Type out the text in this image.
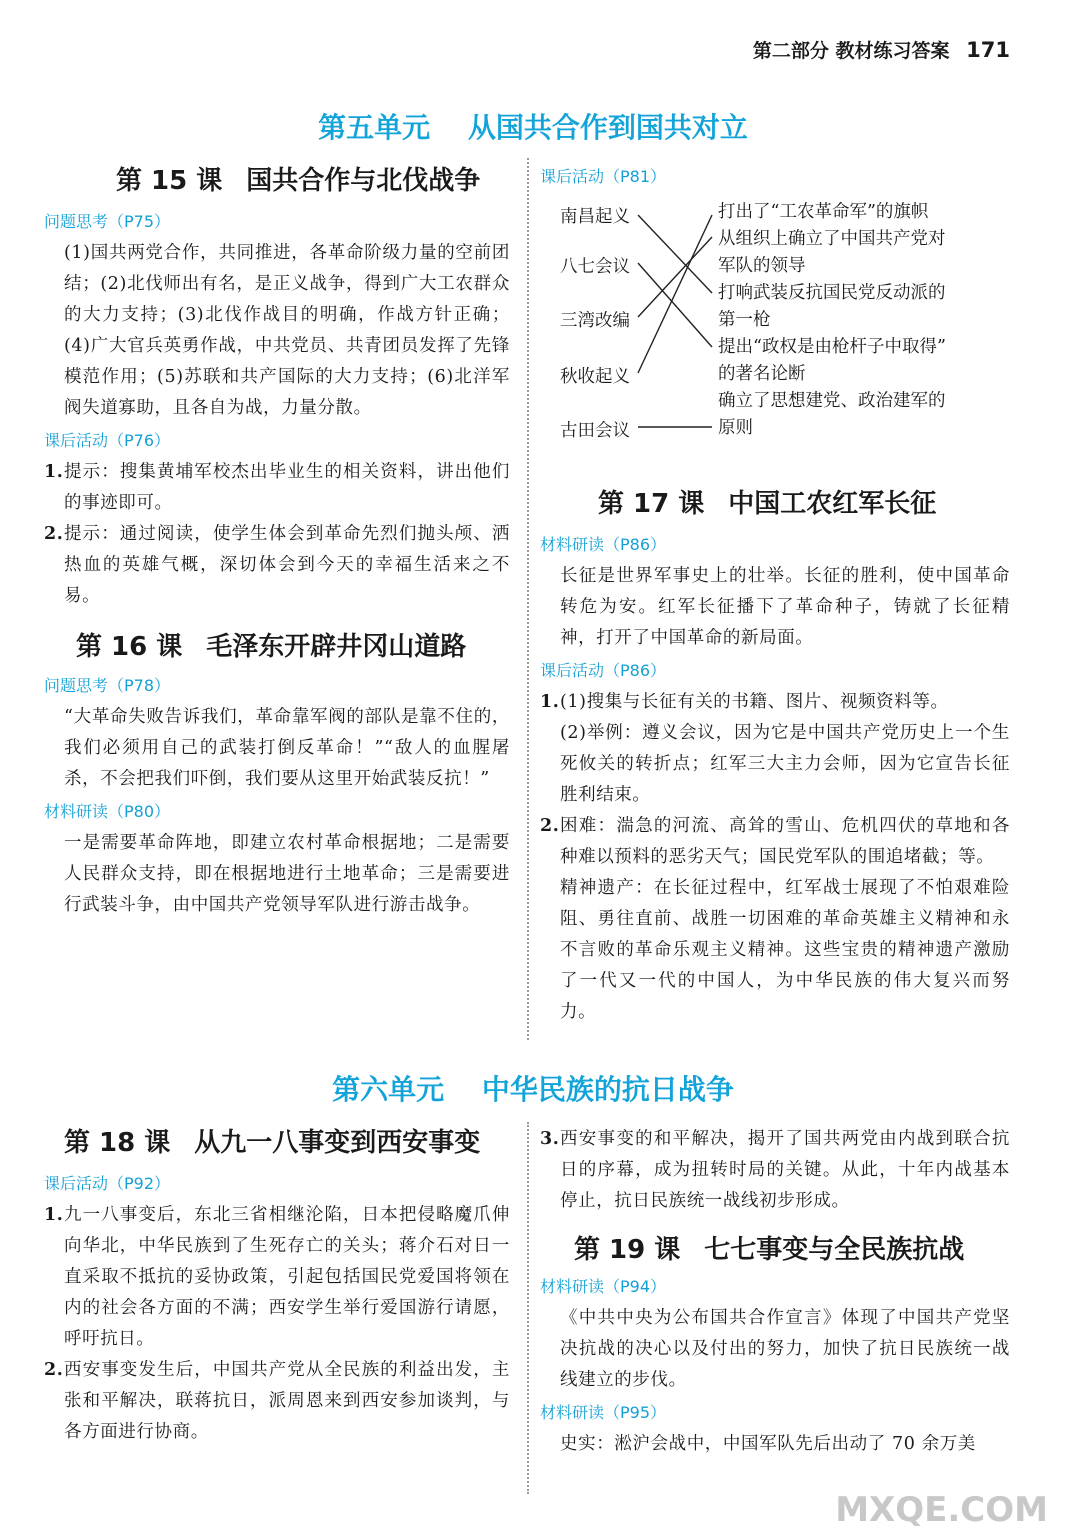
第二部分 教材练习答案 171
第五单元 从国共合作到国共对立
第 15 课 国共合作与北伐战争
问题思考（P75）

(1)国共两党合作，共同推进，各革命阶级力量的空前团结；(2)北伐师出有名，是正义战争，得到广大工农群众的大力支持；(3)北伐作战目的明确，作战方针正确；(4)广大官兵英勇作战，中共党员、共青团员发挥了先锋模范作用；(5)苏联和共产国际的大力支持；(6)北洋军阀失道寡助，且各自为战，力量分散。

课后活动（P76）
1. 提示：搜集黄埔军校杰出毕业生的相关资料，讲出他们的事迹即可。
2. 提示：通过阅读，使学生体会到革命先烈们抛头颅、洒热血的英雄气概，深切体会到今天的幸福生活来之不易。
第 16 课 毛泽东开辟井冈山道路
问题思考（P78）

“大革命失败告诉我们，革命靠军阀的部队是靠不住的，我们必须用自己的武装打倒反革命！”“敌人的血腥屠杀，不会把我们吓倒，我们要从这里开始武装反抗！”

材料研读（P80）

一是需要革命阵地，即建立农村革命根据地；二是需要人民群众支持，即在根据地进行土地革命；三是需要进行武装斗争，由中国共产党领导军队进行游击战争。

课后活动（P81）
南昌起义
八七会议
三湾改编
秋收起义
古田会议
打出了“工农革命军”的旗帜
从组织上确立了中国共产党对
军队的领导
打响武装反抗国民党反动派的
第一枪
提出“政权是由枪杆子中取得”
的著名论断
确立了思想建党、政治建军的
原则
第 17 课 中国工农红军长征
材料研读（P86）

长征是世界军事史上的壮举。长征的胜利，使中国革命转危为安。红军长征播下了革命种子，铸就了长征精神，打开了中国革命的新局面。

课后活动（P86）
1. (1)搜集与长征有关的书籍、图片、视频资料等。

(2)举例：遵义会议，因为它是中国共产党历史上一个生死攸关的转折点；红军三大主力会师，因为它宣告长征胜利结束。

2. 困难：湍急的河流、高耸的雪山、危机四伏的草地和各种难以预料的恶劣天气；国民党军队的围追堵截；等。

精神遗产：在长征过程中，红军战士展现了不怕艰难险阻、勇往直前、战胜一切困难的革命英雄主义精神和永不言败的革命乐观主义精神。这些宝贵的精神遗产激励了一代又一代的中国人，为中华民族的伟大复兴而努力。

第六单元 中华民族的抗日战争
第 18 课 从九一八事变到西安事变
课后活动（P92）
1. 九一八事变后，东北三省相继沦陷，日本把侵略魔爪伸向华北，中华民族到了生死存亡的关头；蒋介石对日一直采取不抵抗的妥协政策，引起包括国民党爱国将领在内的社会各方面的不满；西安学生举行爱国游行请愿，呼吁抗日。
2. 西安事变发生后，中国共产党从全民族的利益出发，主张和平解决，联蒋抗日，派周恩来到西安参加谈判，与各方面进行协商。
3. 西安事变的和平解决，揭开了国共两党由内战到联合抗日的序幕，成为扭转时局的关键。从此，十年内战基本停止，抗日民族统一战线初步形成。
第 19 课 七七事变与全民族抗战
材料研读（P94）

《中共中央为公布国共合作宣言》体现了中国共产党坚决抗战的决心以及付出的努力，加快了抗日民族统一战线建立的步伐。

材料研读（P95）

史实：淞沪会战中，中国军队先后出动了 70 余万美

MXQE.COM
